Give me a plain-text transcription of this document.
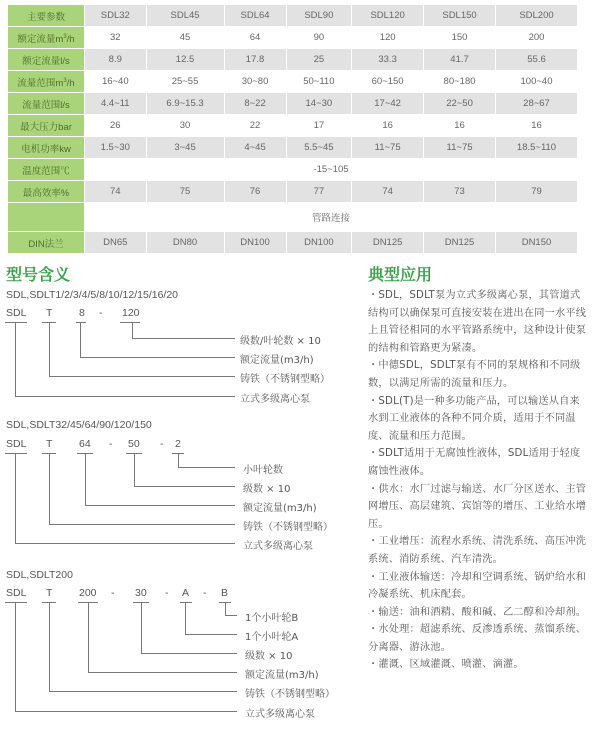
主要参数	SDL32	SDL45	SDL64	SDL90	SDL120	SDL150	SDL200
额定流量$m^3/h$	32	45	64	90	120	150	200
额定流量l/s	8.9	12.5	17.8	25	33.3	41.7	55.6
流量范围$m^3/h$	16~40	25~55	30~80	50~110	60~150	80~180	100~40
流量范围l/s	4.4~11	6.9~15.3	8~22	14~30	17~42	22~50	28~67
最大压力bar	26	30	22	17	16	16	16
电机功率kw	1.5~30	3~45	4~45	5.5~45	11~75	11~75	18.5~110
温度范围℃	-15~105						
最高效率%	74	75	76	77	74	73	79
	管路连接						
DIN法兰	DN65	DN80	DN100	DN100	DN125	DN125	DN150
型号含义
SDL,SDLT1/2/3/4/5/8/10/12/15/16/20
SDL T	8 - 120
级数/叶轮数 × 10
额定流量(m3/h)
铸铁（不锈钢型略）
立式多级离心泵
SDL,SDLT32/45/64/90/120/150
SDL T	64 - 50 - 2
小叶轮数
级数 × 10
额定流量(m3/h)
铸铁（不锈钢型略）
立式多级离心泵
SDL,SDLT200
SDL T	200 - 30 - A - B
1个小叶轮B
1个小叶轮A
级数 × 10
额定流量(m3/h)
铸铁（不锈钢型略）
立式多级离心泵
典型应用

・SDL，SDLT泵为立式多级离心泵，其管道式结构可以确保泵可直接安装在进出在同一水平线上且管径相同的水平管路系统中，这种设计使泵的结构和管路更为紧凑。

・中德SDL，SDLT泵有不同的泵规格和不同级数，以满足所需的流量和压力。

・SDL(T)是一种多功能产品，可以输送从自来水到工业液体的各种不同介质，适用于不同温度、流量和压力范围。

・SDLT适用于无腐蚀性液体，SDL适用于轻度腐蚀性液体。

・供水：水厂过滤与输送、水厂分区送水、主管网增压、高层建筑、宾馆等的增压、工业给水增压。

・工业增压：流程水系统、清洗系统、高压冲洗系统、消防系统、汽车清洗。

・工业液体输送：冷却和空调系统、锅炉给水和冷凝系统、机床配套。

・输送：油和酒精、酸和碱、乙二醇和冷却剂。

・水处理：超滤系统、反渗透系统、蒸馏系统、分离器、游泳池。

・灌溉、区域灌溉、喷灌、滴灌。
